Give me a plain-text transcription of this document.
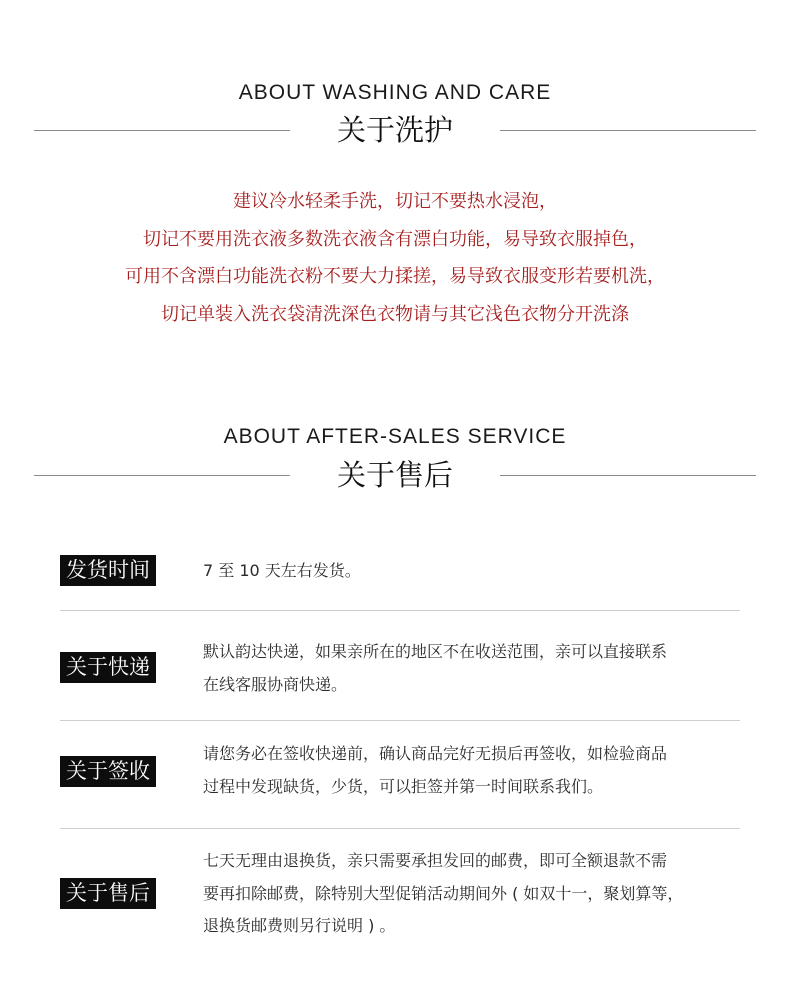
ABOUT WASHING AND CARE
关于洗护
建议冷水轻柔手洗，切记不要热水浸泡，
切记不要用洗衣液多数洗衣液含有漂白功能，易导致衣服掉色，
可用不含漂白功能洗衣粉不要大力揉搓，易导致衣服变形若要机洗，
切记单装入洗衣袋清洗深色衣物请与其它浅色衣物分开洗涤
ABOUT AFTER-SALES SERVICE
关于售后
发货时间	7 至 10 天左右发货。
关于快递
默认韵达快递，如果亲所在的地区不在收送范围，亲可以直接联系
在线客服协商快递。
关于签收
请您务必在签收快递前，确认商品完好无损后再签收，如检验商品
过程中发现缺货，少货，可以拒签并第一时间联系我们。
关于售后
七天无理由退换货，亲只需要承担发回的邮费，即可全额退款不需
要再扣除邮费，除特别大型促销活动期间外 ( 如双十一，聚划算等，
退换货邮费则另行说明 ) 。
